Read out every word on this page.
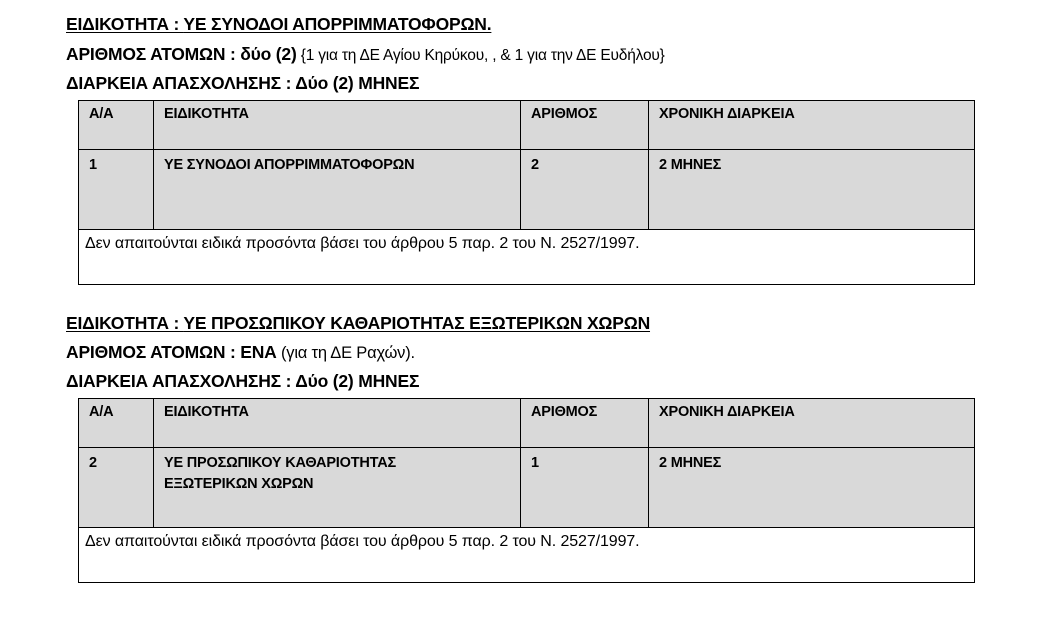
ΕΙΔΙΚΟΤΗΤΑ : ΥΕ ΣΥΝΟΔΟΙ ΑΠΟΡΡΙΜΜΑΤΟΦΟΡΩΝ.
ΑΡΙΘΜΟΣ ΑΤΟΜΩΝ : δύο (2) {1 για τη ΔΕ Αγίου Κηρύκου, , & 1 για την ΔΕ Ευδήλου}
ΔΙΑΡΚΕΙΑ ΑΠΑΣΧΟΛΗΣΗΣ : Δύο (2) ΜΗΝΕΣ
Α/Α	ΕΙΔΙΚΟΤΗΤΑ	ΑΡΙΘΜΟΣ	ΧΡΟΝΙΚΗ ΔΙΑΡΚΕΙΑ
1	ΥΕ ΣΥΝΟΔΟΙ ΑΠΟΡΡΙΜΜΑΤΟΦΟΡΩΝ	2	2 ΜΗΝΕΣ
Δεν απαιτούνται ειδικά προσόντα βάσει του άρθρου 5 παρ. 2 του Ν. 2527/1997.			
ΕΙΔΙΚΟΤΗΤΑ : ΥΕ ΠΡΟΣΩΠΙΚΟΥ ΚΑΘΑΡΙΟΤΗΤΑΣ ΕΞΩΤΕΡΙΚΩΝ ΧΩΡΩΝ
ΑΡΙΘΜΟΣ ΑΤΟΜΩΝ : ΕΝΑ (για τη ΔΕ Ραχών).
ΔΙΑΡΚΕΙΑ ΑΠΑΣΧΟΛΗΣΗΣ : Δύο (2) ΜΗΝΕΣ
Α/Α	ΕΙΔΙΚΟΤΗΤΑ	ΑΡΙΘΜΟΣ	ΧΡΟΝΙΚΗ ΔΙΑΡΚΕΙΑ
2	ΥΕ ΠΡΟΣΩΠΙΚΟΥ ΚΑΘΑΡΙΟΤΗΤΑΣ
ΕΞΩΤΕΡΙΚΩΝ ΧΩΡΩΝ	1	2 ΜΗΝΕΣ
Δεν απαιτούνται ειδικά προσόντα βάσει του άρθρου 5 παρ. 2 του Ν. 2527/1997.			
